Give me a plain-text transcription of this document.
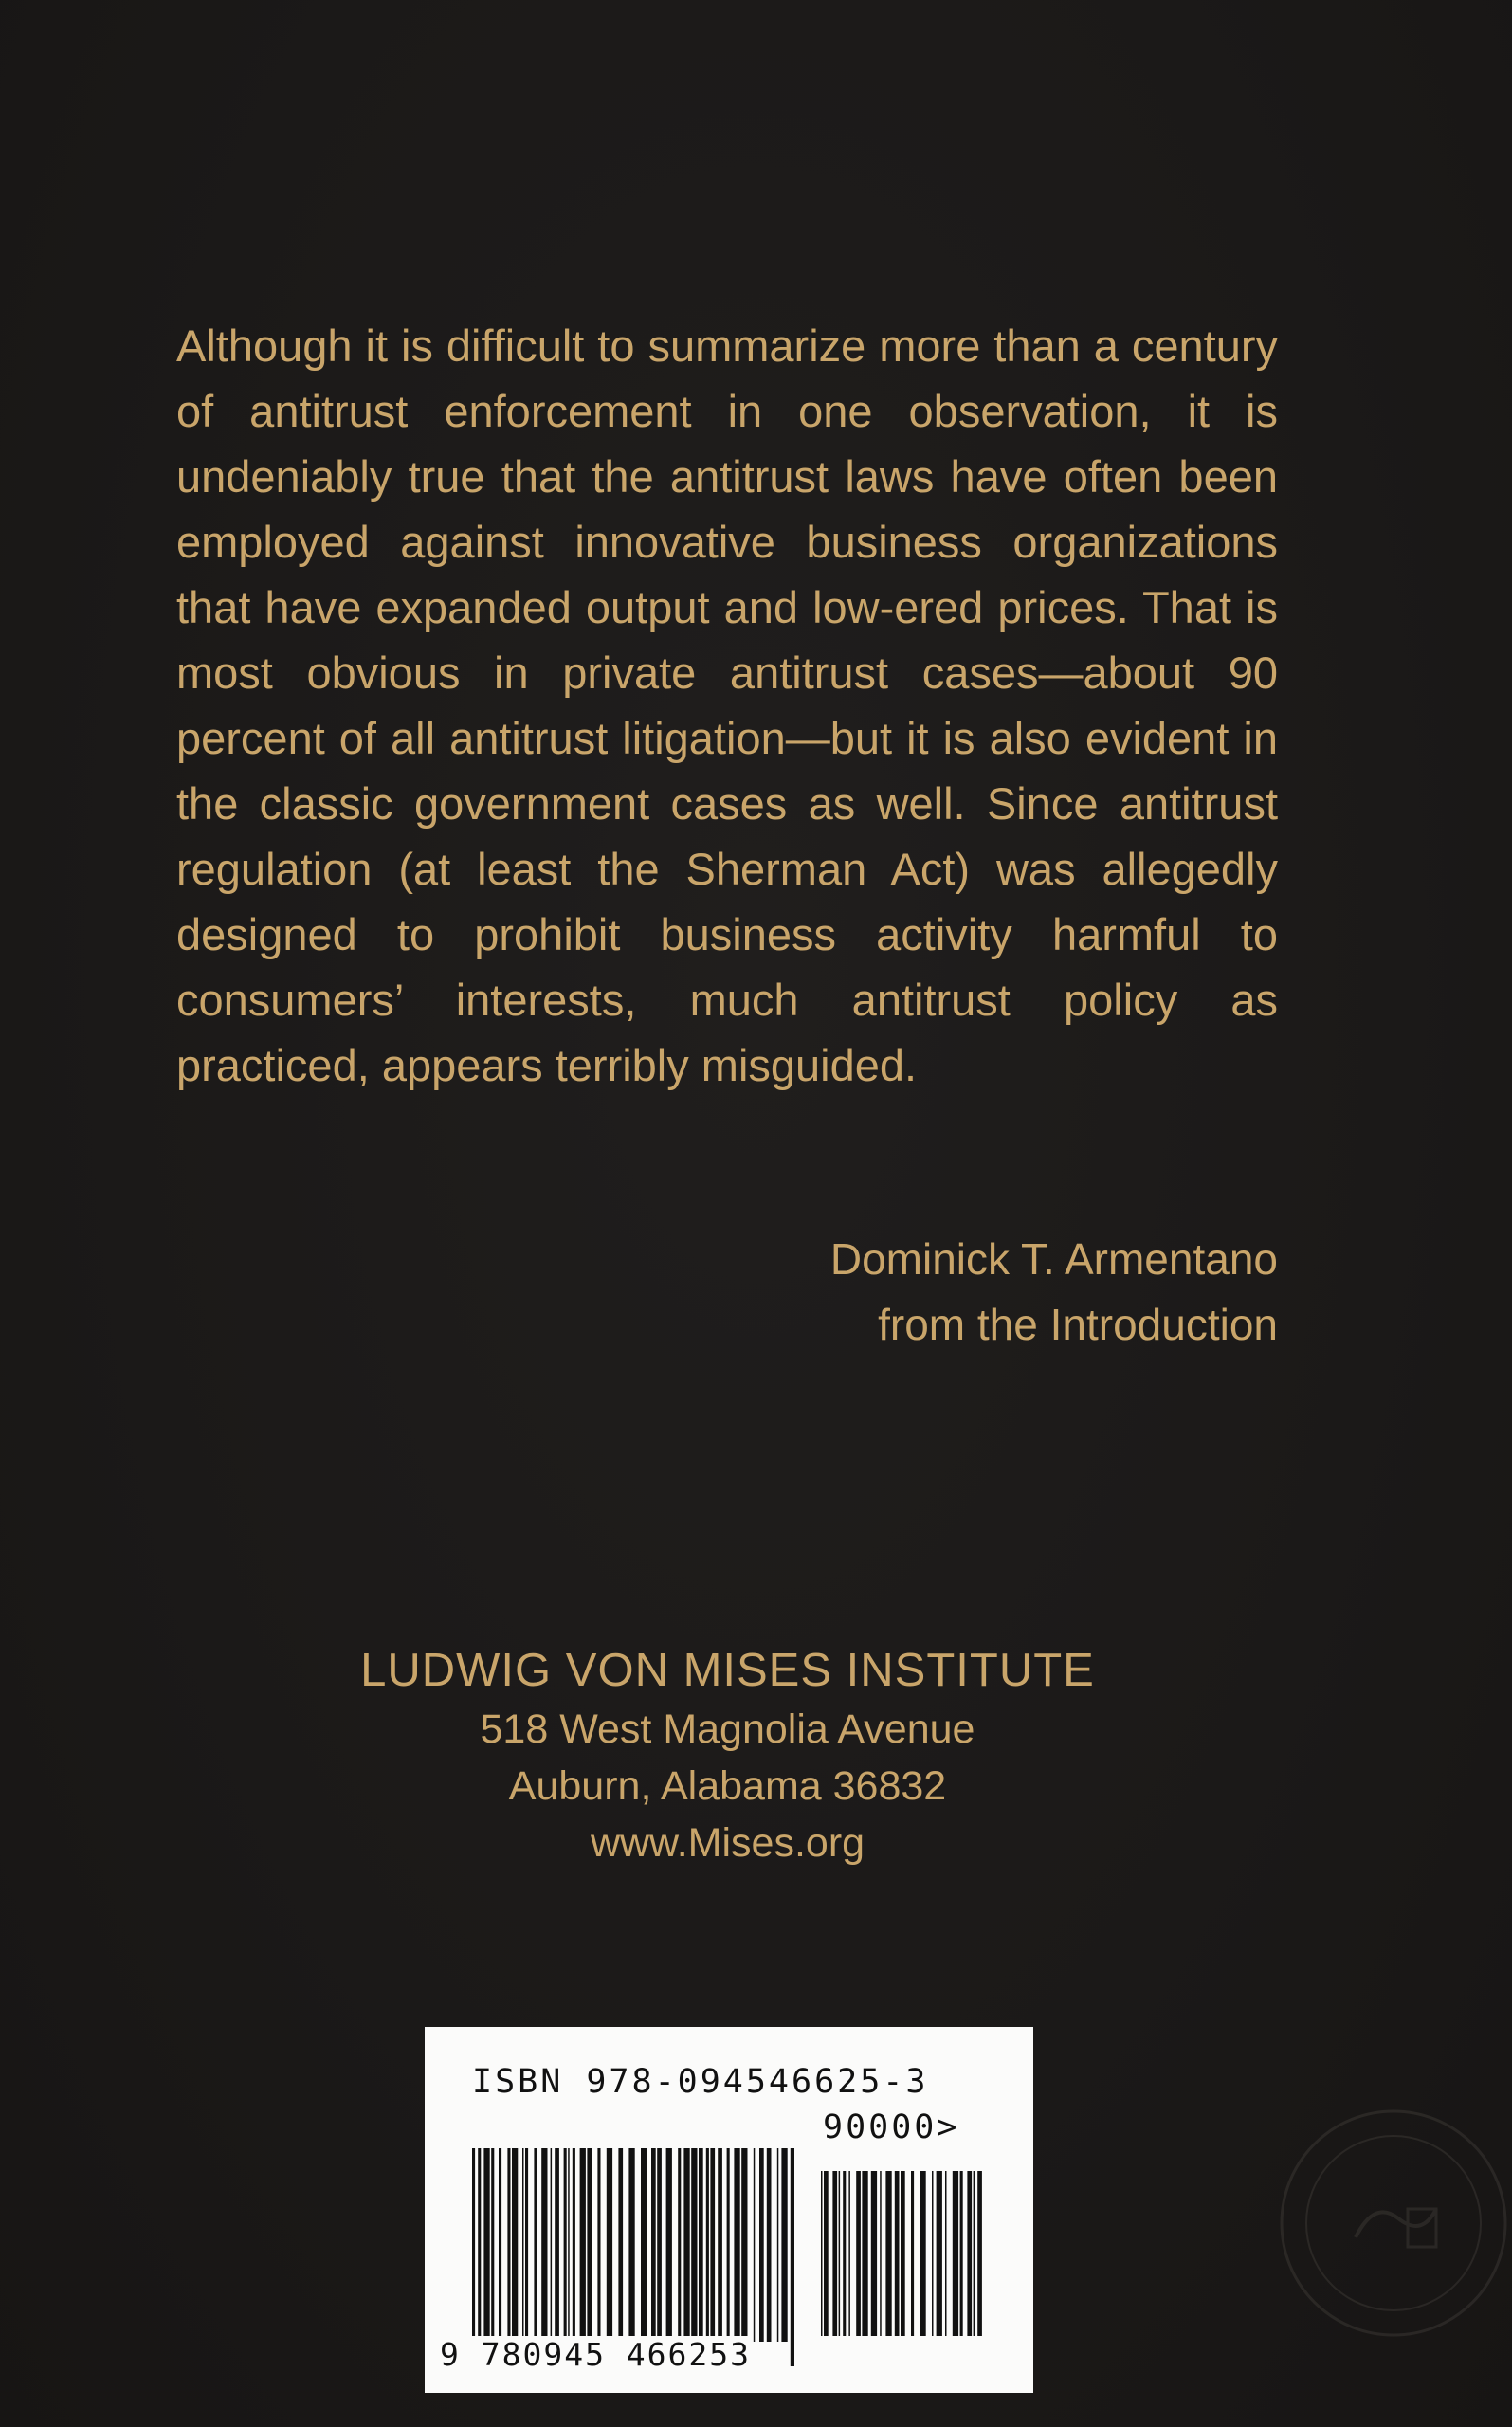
Although it is difficult to summarize more than a century of antitrust enforcement in one observation, it is undeniably true that the antitrust laws have often been employed against innovative business organizations that have expanded output and low-ered prices. That is most obvious in private antitrust cases—about 90 percent of all antitrust litigation—but it is also evident in the classic government cases as well. Since antitrust regulation (at least the Sherman Act) was allegedly designed to prohibit business activity harmful to consumers’ interests, much antitrust policy as practiced, appears terribly misguided.

Dominick T. Armentano
from the Introduction
LUDWIG VON MISES INSTITUTE
518 West Magnolia Avenue
Auburn, Alabama 36832
www.Mises.org
ISBN 978-094546625-3
90000>
9 780945 466253
